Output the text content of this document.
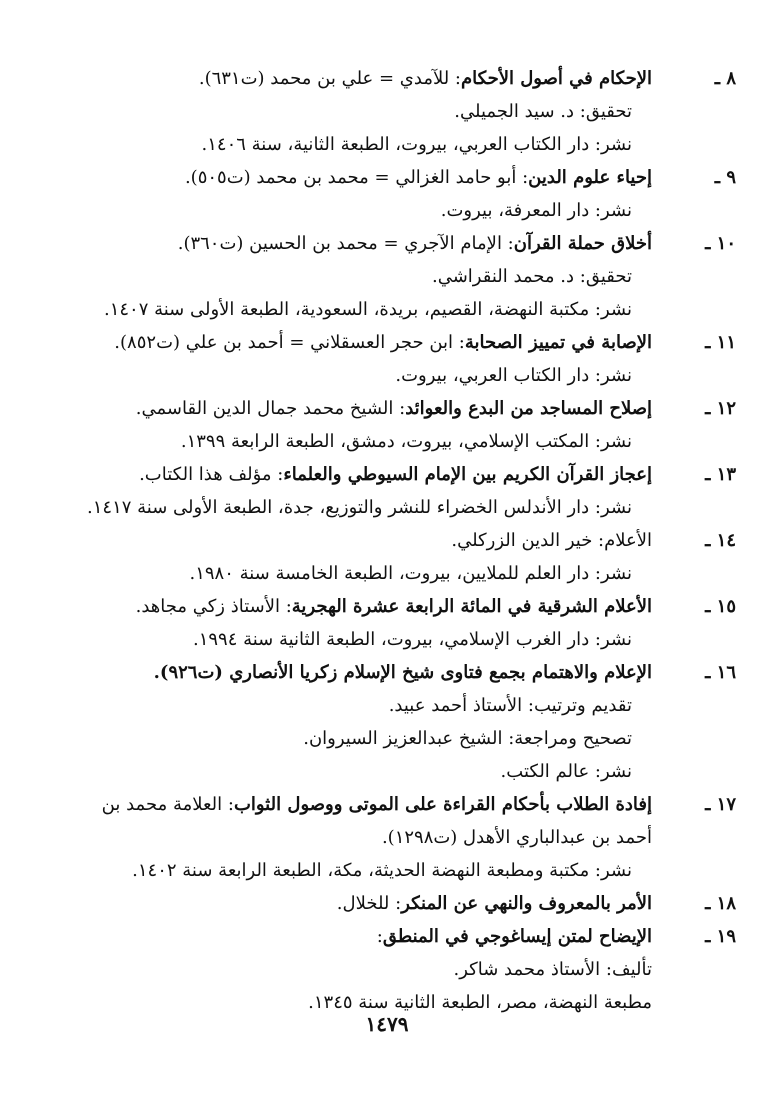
٨ ـ
الإحكام في أصول الأحكام: للآمدي = علي بن محمد (ت٦٣١).
تحقيق: د. سيد الجميلي.
نشر: دار الكتاب العربي، بيروت، الطبعة الثانية، سنة ١٤٠٦.
٩ ـ
إحياء علوم الدين: أبو حامد الغزالي = محمد بن محمد (ت٥٠٥).
نشر: دار المعرفة، بيروت.
١٠ ـ
أخلاق حملة القرآن: الإمام الآجري = محمد بن الحسين (ت٣٦٠).
تحقيق: د. محمد النقراشي.
نشر: مكتبة النهضة، القصيم، بريدة، السعودية، الطبعة الأولى سنة ١٤٠٧.
١١ ـ
الإصابة في تمييز الصحابة: ابن حجر العسقلاني = أحمد بن علي (ت٨٥٢).
نشر: دار الكتاب العربي، بيروت.
١٢ ـ
إصلاح المساجد من البدع والعوائد: الشيخ محمد جمال الدين القاسمي.
نشر: المكتب الإسلامي، بيروت، دمشق، الطبعة الرابعة ١٣٩٩.
١٣ ـ
إعجاز القرآن الكريم بين الإمام السيوطي والعلماء: مؤلف هذا الكتاب.
نشر: دار الأندلس الخضراء للنشر والتوزيع، جدة، الطبعة الأولى سنة ١٤١٧.
١٤ ـ
الأعلام: خير الدين الزركلي.
نشر: دار العلم للملايين، بيروت، الطبعة الخامسة سنة ١٩٨٠.
١٥ ـ
الأعلام الشرقية في المائة الرابعة عشرة الهجرية: الأستاذ زكي مجاهد.
نشر: دار الغرب الإسلامي، بيروت، الطبعة الثانية سنة ١٩٩٤.
١٦ ـ
الإعلام والاهتمام بجمع فتاوى شيخ الإسلام زكريا الأنصاري (ت٩٢٦).
تقديم وترتيب: الأستاذ أحمد عبيد.
تصحيح ومراجعة: الشيخ عبدالعزيز السيروان.
نشر: عالم الكتب.
١٧ ـ
إفادة الطلاب بأحكام القراءة على الموتى ووصول الثواب: العلامة محمد بن
أحمد بن عبدالباري الأهدل (ت١٢٩٨).
نشر: مكتبة ومطبعة النهضة الحديثة، مكة، الطبعة الرابعة سنة ١٤٠٢.
١٨ ـ
الأمر بالمعروف والنهي عن المنكر: للخلال.
١٩ ـ
الإيضاح لمتن إيساغوجي في المنطق:
تأليف: الأستاذ محمد شاكر.
مطبعة النهضة، مصر، الطبعة الثانية سنة ١٣٤٥.
١٤٧٩
